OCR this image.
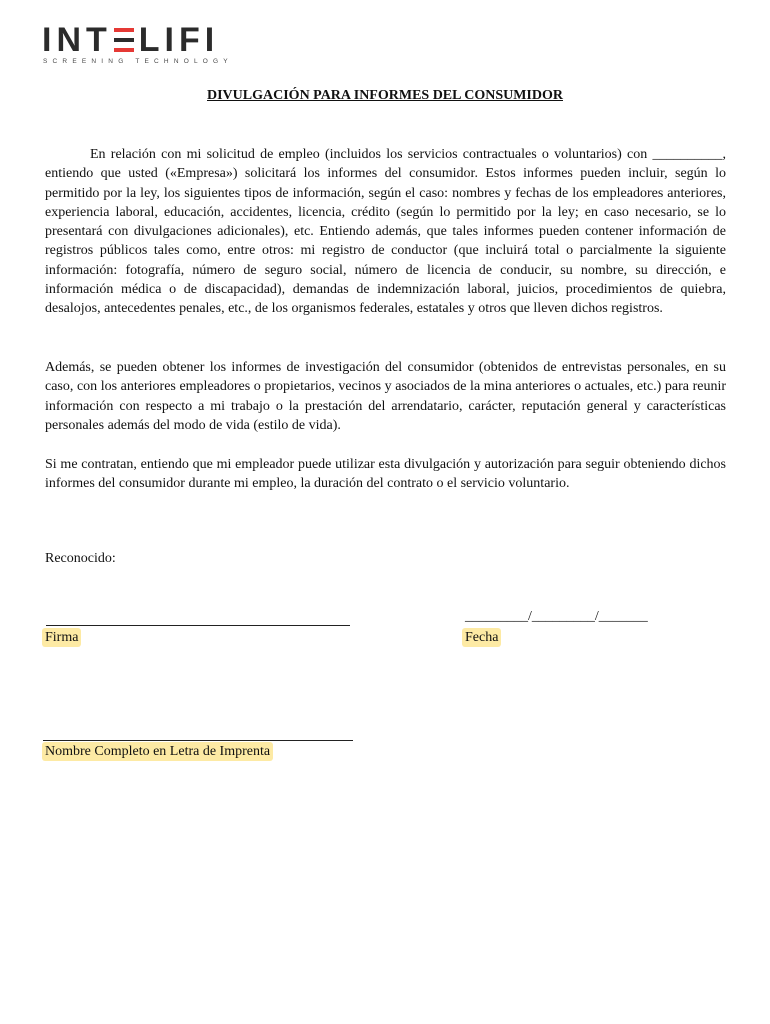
INT LIFI
SCREENING TECHNOLOGY
DIVULGACIÓN PARA INFORMES DEL CONSUMIDOR

En relación con mi solicitud de empleo (incluidos los servicios contractuales o voluntarios) con __________, entiendo que usted («Empresa») solicitará los informes del consumidor. Estos informes pueden incluir, según lo permitido por la ley, los siguientes tipos de información, según el caso: nombres y fechas de los empleadores anteriores, experiencia laboral, educación, accidentes, licencia, crédito (según lo permitido por la ley; en caso necesario, se lo presentará con divulgaciones adicionales), etc. Entiendo además, que tales informes pueden contener información de registros públicos tales como, entre otros: mi registro de conductor (que incluirá total o parcialmente la siguiente información: fotografía, número de seguro social, número de licencia de conducir, su nombre, su dirección, e información médica o de discapacidad), demandas de indemnización laboral, juicios, procedimientos de quiebra, desalojos, antecedentes penales, etc., de los organismos federales, estatales y otros que lleven dichos registros.

Además, se pueden obtener los informes de investigación del consumidor (obtenidos de entrevistas personales, en su caso, con los anteriores empleadores o propietarios, vecinos y asociados de la mina anteriores o actuales, etc.) para reunir información con respecto a mi trabajo o la prestación del arrendatario, carácter, reputación general y características personales además del modo de vida (estilo de vida).

Si me contratan, entiendo que mi empleador puede utilizar esta divulgación y autorización para seguir obteniendo dichos informes del consumidor durante mi empleo, la duración del contrato o el servicio voluntario.

Reconocido:
_________/_________/_______
Firma	Fecha
Nombre Completo en Letra de Imprenta
